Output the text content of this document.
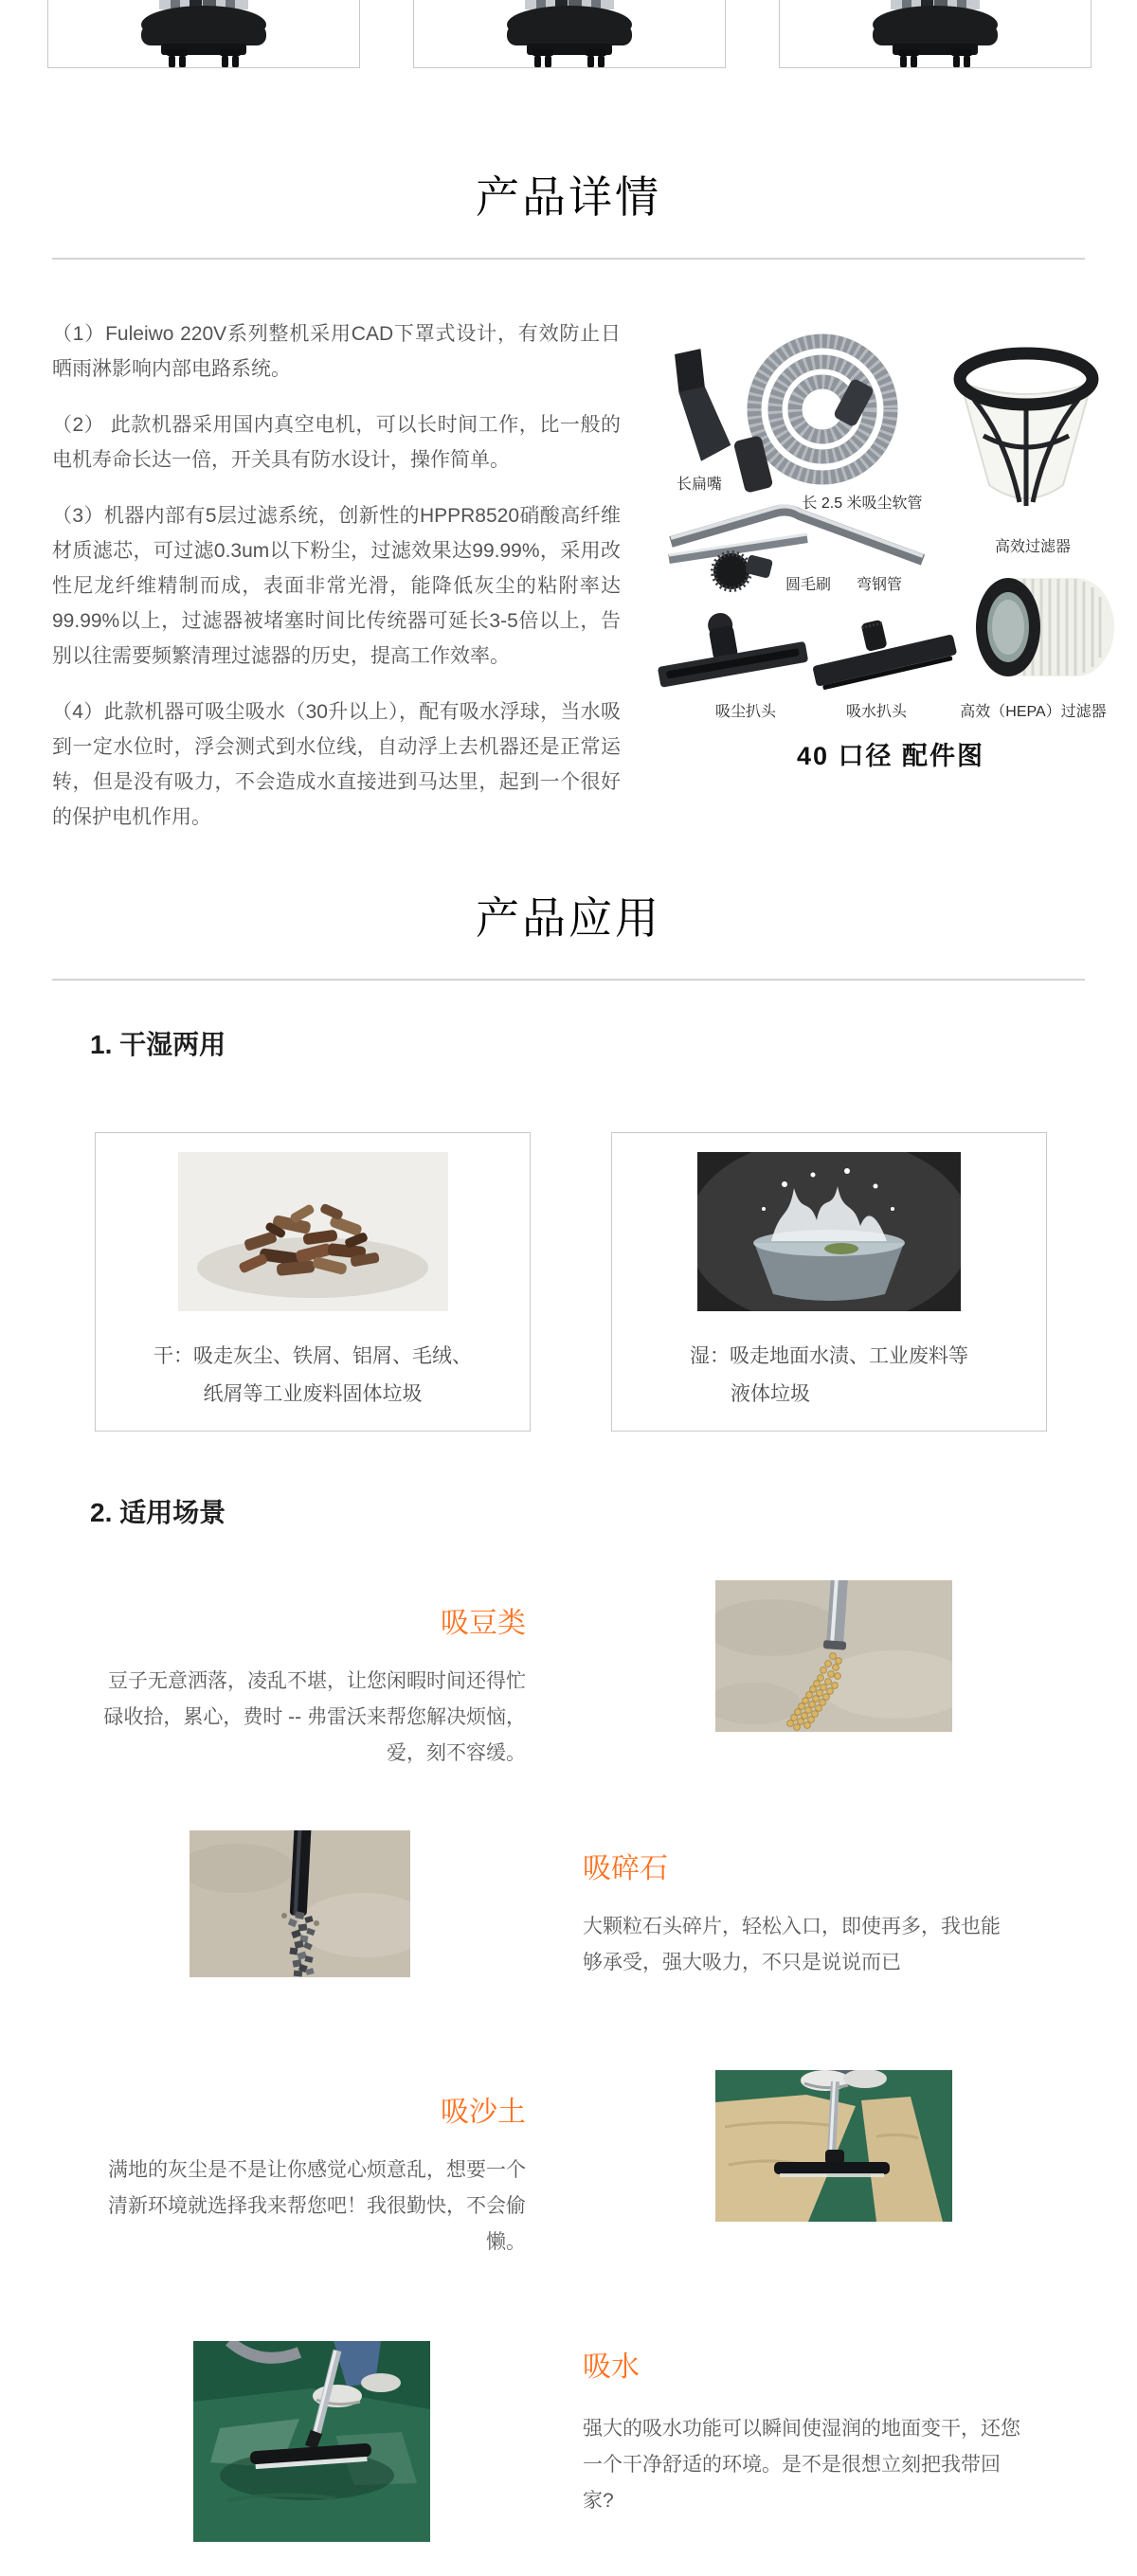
产品详情

（1）Fuleiwo 220V系列整机采用CAD下罩式设计，有效防止日晒雨淋影响内部电路系统。

（2） 此款机器采用国内真空电机，可以长时间工作，比一般的电机寿命长达一倍，开关具有防水设计，操作简单。

（3）机器内部有5层过滤系统，创新性的HPPR8520硝酸高纤维材质滤芯，可过滤0.3um以下粉尘，过滤效果达99.99%，采用改性尼龙纤维精制而成，表面非常光滑，能降低灰尘的粘附率达99.99%以上，过滤器被堵塞时间比传统器可延长3-5倍以上，告别以往需要频繁清理过滤器的历史，提高工作效率。

（4）此款机器可吸尘吸水（30升以上），配有吸水浮球，当水吸到一定水位时，浮会测式到水位线，自动浮上去机器还是正常运转，但是没有吸力，不会造成水直接进到马达里，起到一个很好的保护电机作用。

长扁嘴
长 2.5 米吸尘软管
高效过滤器
圆毛刷	弯钢管
吸尘扒头	吸水扒头	高效（HEPA）过滤器
40 口径 配件图
产品应用
1. 干湿两用
干：吸走灰尘、铁屑、铝屑、毛绒、
纸屑等工业废料固体垃圾
湿：吸走地面水渍、工业废料等
液体垃圾
2. 适用场景
吸豆类
豆子无意洒落，凌乱不堪，让您闲暇时间还得忙碌收拾，累心，费时 -- 弗雷沃来帮您解决烦恼，爱，刻不容缓。
吸碎石
大颗粒石头碎片，轻松入口，即使再多，我也能够承受，强大吸力，不只是说说而已
吸沙土
满地的灰尘是不是让你感觉心烦意乱，想要一个清新环境就选择我来帮您吧！我很勤快，不会偷懒。
吸水
强大的吸水功能可以瞬间使湿润的地面变干，还您一个干净舒适的环境。是不是很想立刻把我带回家?
